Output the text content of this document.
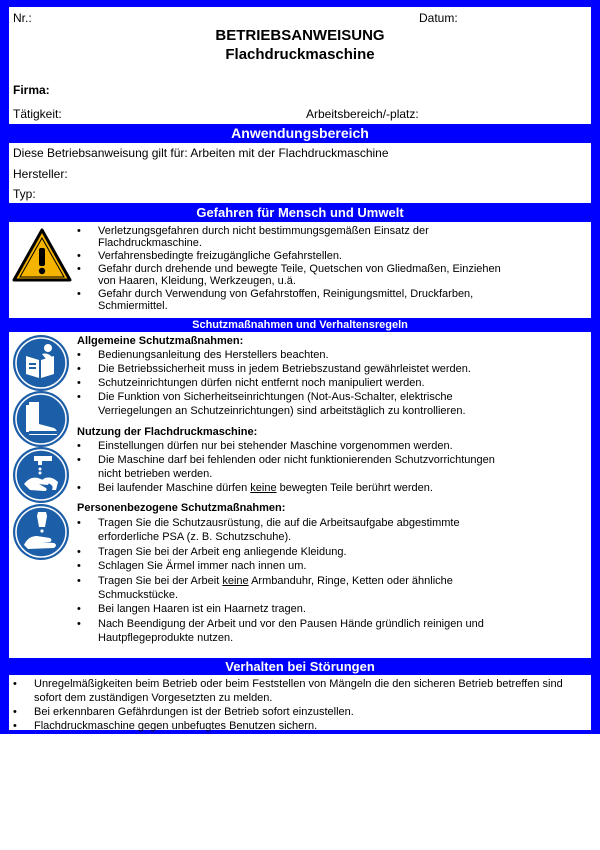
Nr.:	Datum:
BETRIEBSANWEISUNG
Flachdruckmaschine
Firma:
Tätigkeit:	Arbeitsbereich/-platz:
Anwendungsbereich
Diese Betriebsanweisung gilt für: Arbeiten mit der Flachdruckmaschine
Hersteller:
Typ:
Gefahren für Mensch und Umwelt
• Verletzungsgefahren durch nicht bestimmungsgemäßen Einsatz der
Flachdruckmaschine.
• Verfahrensbedingte freizugängliche Gefahrstellen.
• Gefahr durch drehende und bewegte Teile, Quetschen von Gliedmaßen, Einziehen
von Haaren, Kleidung, Werkzeugen, u.ä.
• Gefahr durch Verwendung von Gefahrstoffen, Reinigungsmittel, Druckfarben,
Schmiermittel.
Schutzmaßnahmen und Verhaltensregeln
Allgemeine Schutzmaßnahmen:
• Bedienungsanleitung des Herstellers beachten.
• Die Betriebssicherheit muss in jedem Betriebszustand gewährleistet werden.
• Schutzeinrichtungen dürfen nicht entfernt noch manipuliert werden.
• Die Funktion von Sicherheitseinrichtungen (Not-Aus-Schalter, elektrische
Verriegelungen an Schutzeinrichtungen) sind arbeitstäglich zu kontrollieren.
Nutzung der Flachdruckmaschine:
• Einstellungen dürfen nur bei stehender Maschine vorgenommen werden.
• Die Maschine darf bei fehlenden oder nicht funktionierenden Schutzvorrichtungen
nicht betrieben werden.
• Bei laufender Maschine dürfen keine bewegten Teile berührt werden.
Personenbezogene Schutzmaßnahmen:
• Tragen Sie die Schutzausrüstung, die auf die Arbeitsaufgabe abgestimmte
erforderliche PSA (z. B. Schutzschuhe).
• Tragen Sie bei der Arbeit eng anliegende Kleidung.
• Schlagen Sie Ärmel immer nach innen um.
• Tragen Sie bei der Arbeit keine Armbanduhr, Ringe, Ketten oder ähnliche
Schmuckstücke.
• Bei langen Haaren ist ein Haarnetz tragen.
• Nach Beendigung der Arbeit und vor den Pausen Hände gründlich reinigen und
Hautpflegeprodukte nutzen.
Verhalten bei Störungen
• Unregelmäßigkeiten beim Betrieb oder beim Feststellen von Mängeln die den sicheren Betrieb betreffen sind
sofort dem zuständigen Vorgesetzten zu melden.
• Bei erkennbaren Gefährdungen ist der Betrieb sofort einzustellen.
• Flachdruckmaschine gegen unbefugtes Benutzen sichern.
